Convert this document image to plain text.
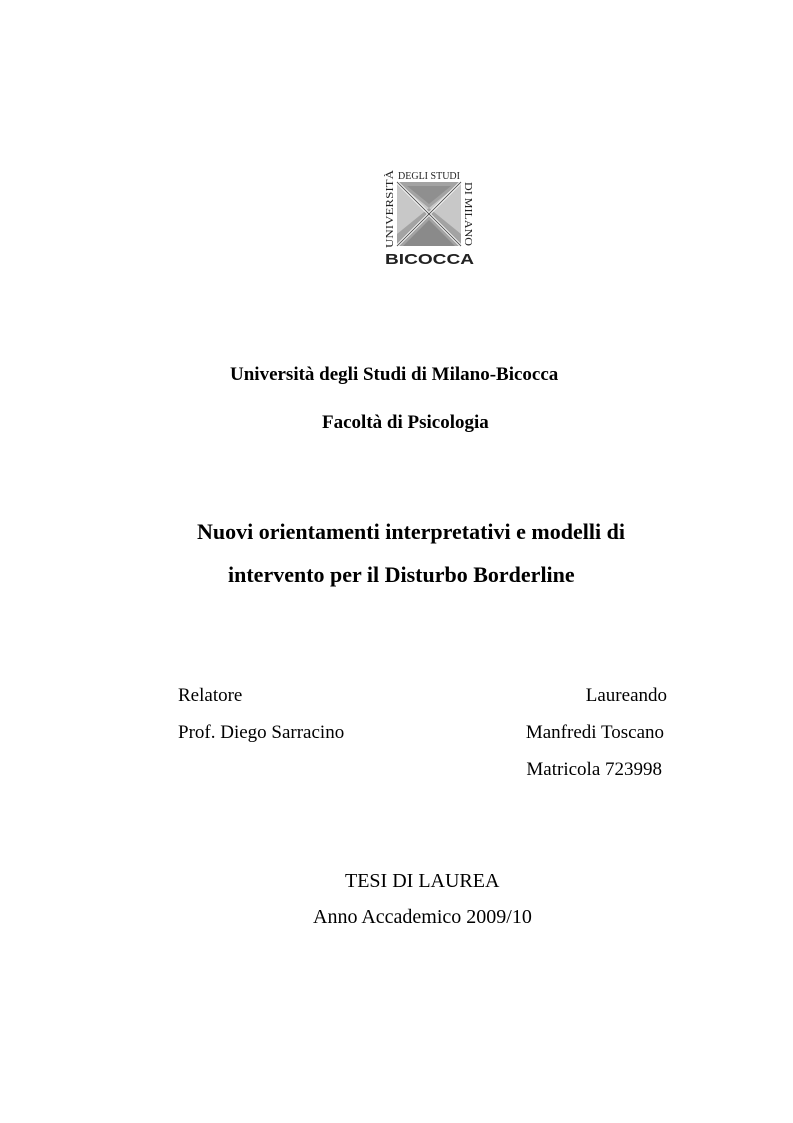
DEGLI STUDI
UNIVERSITÀ	DI MILANO
BICOCCA
Università degli Studi di Milano-Bicocca
Facoltà di Psicologia
Nuovi orientamenti interpretativi e modelli di
intervento per il Disturbo Borderline
Relatore
Prof. Diego Sarracino
Laureando
Manfredi Toscano
Matricola 723998
TESI DI LAUREA
Anno Accademico 2009/10
